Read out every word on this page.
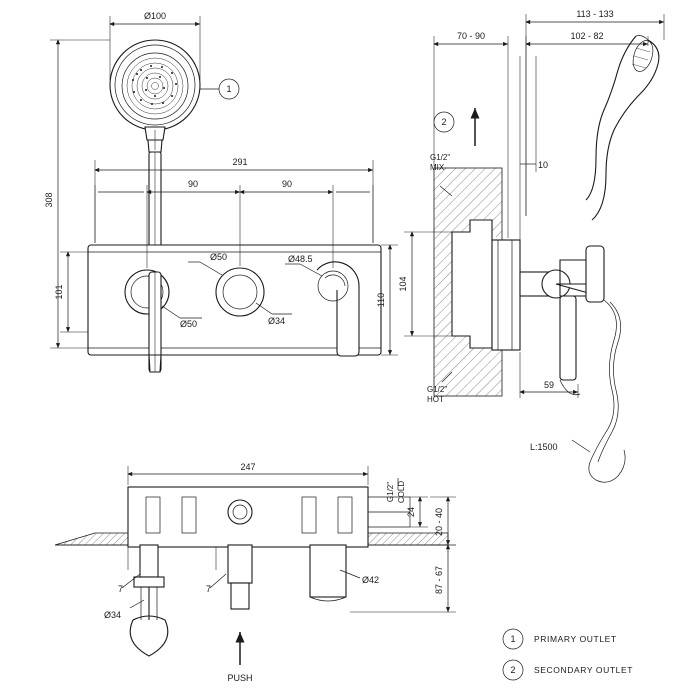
Ø100
308
291
90	90
101
110
Ø50
Ø50
Ø48.5
Ø34
1
113 - 133
102 - 82
70 - 90
10
104
59
G1/2"
MIX
G1/2"
HOT
2
L:1500
247
G1/2" COLD
24 20 - 40
87 - 67
7	7
Ø34
Ø42
PUSH
1 PRIMARY OUTLET
2 SECONDARY OUTLET
